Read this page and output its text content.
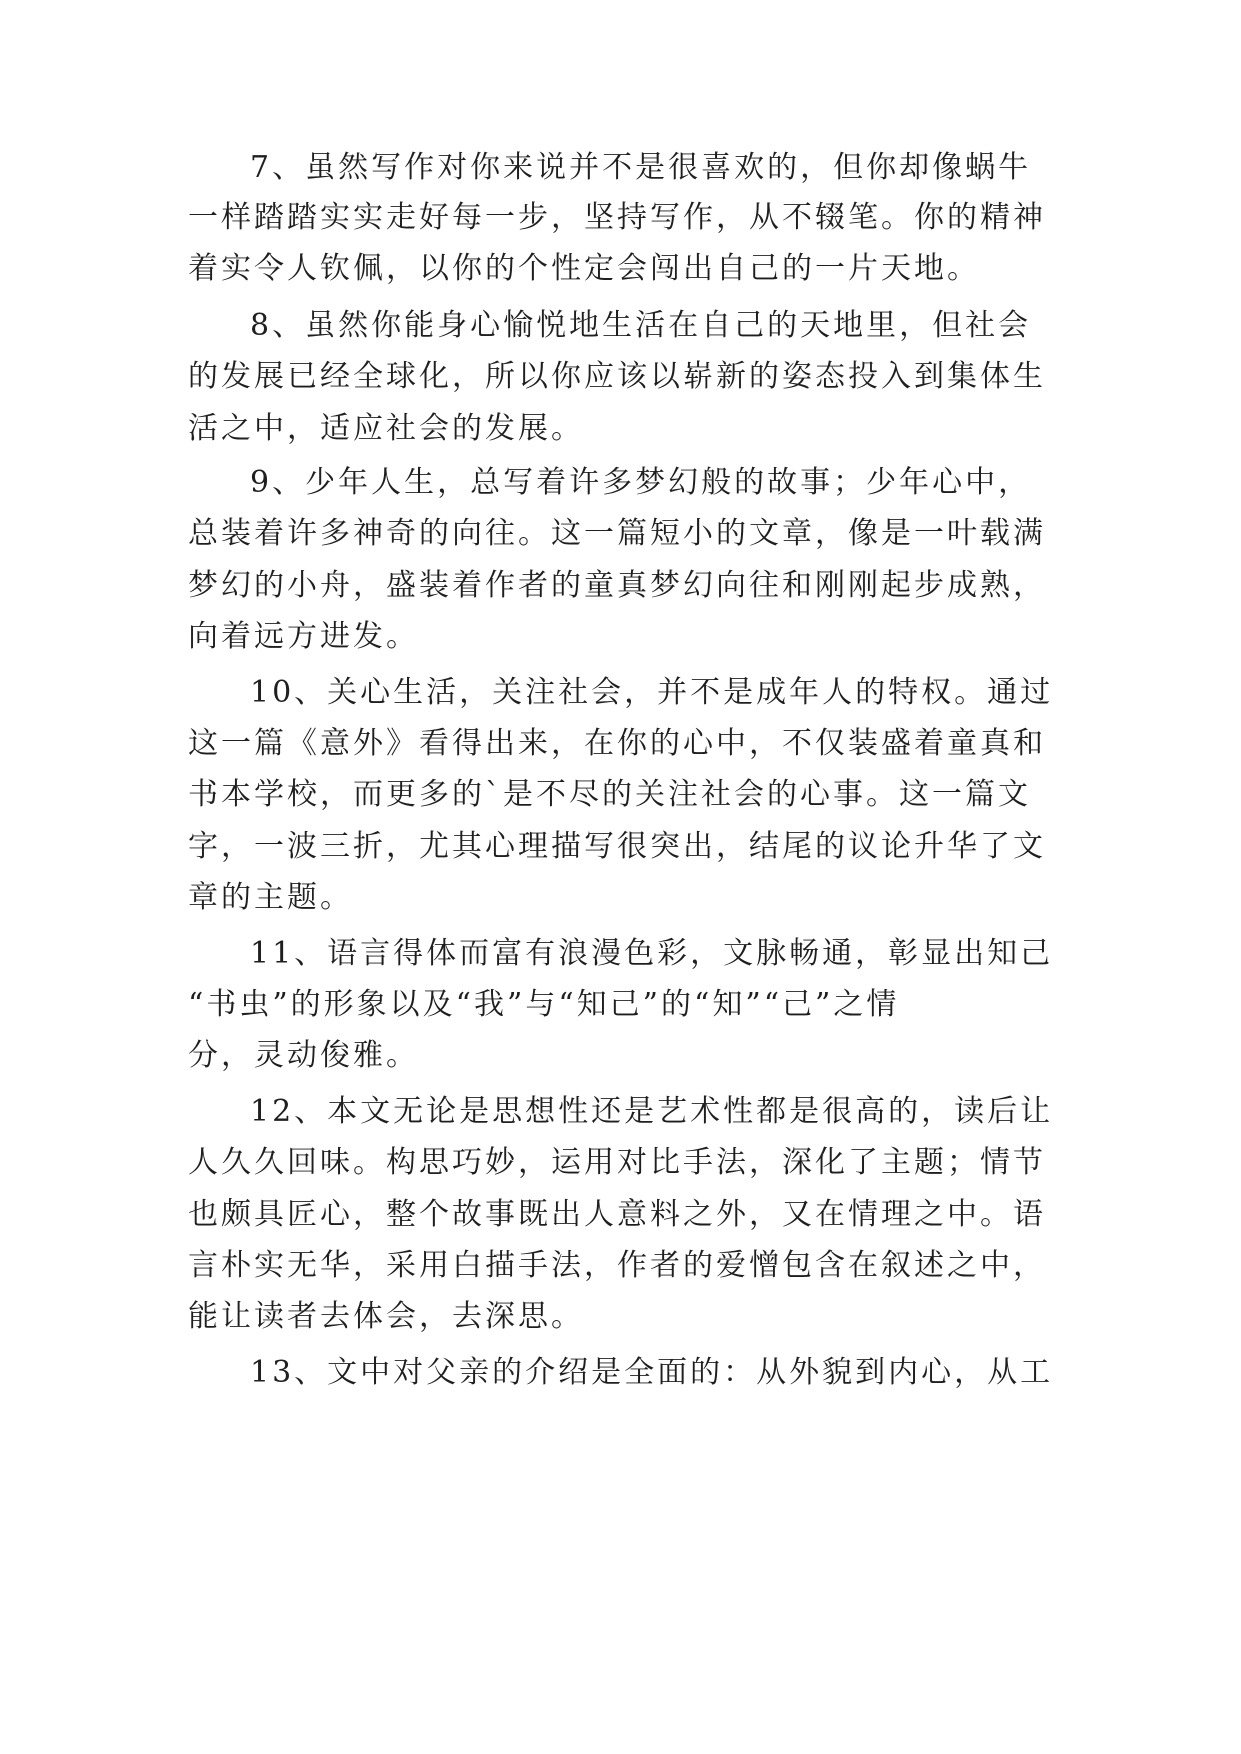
7、虽然写作对你来说并不是很喜欢的，但你却像蜗牛
一样踏踏实实走好每一步，坚持写作，从不辍笔。你的精神
着实令人钦佩，以你的个性定会闯出自己的一片天地。
8、虽然你能身心愉悦地生活在自己的天地里，但社会
的发展已经全球化，所以你应该以崭新的姿态投入到集体生
活之中，适应社会的发展。
9、少年人生，总写着许多梦幻般的故事；少年心中，
总装着许多神奇的向往。这一篇短小的文章，像是一叶载满
梦幻的小舟，盛装着作者的童真梦幻向往和刚刚起步成熟，
向着远方进发。
10、关心生活，关注社会，并不是成年人的特权。通过
这一篇《意外》看得出来，在你的心中，不仅装盛着童真和
书本学校，而更多的`是不尽的关注社会的心事。这一篇文
字，一波三折，尤其心理描写很突出，结尾的议论升华了文
章的主题。
11、语言得体而富有浪漫色彩，文脉畅通，彰显出知己
“书虫”的形象以及“我”与“知己”的“知”“己”之情
分，灵动俊雅。
12、本文无论是思想性还是艺术性都是很高的，读后让
人久久回味。构思巧妙，运用对比手法，深化了主题；情节
也颇具匠心，整个故事既出人意料之外，又在情理之中。语
言朴实无华，采用白描手法，作者的爱憎包含在叙述之中，
能让读者去体会，去深思。
13、文中对父亲的介绍是全面的：从外貌到内心，从工
